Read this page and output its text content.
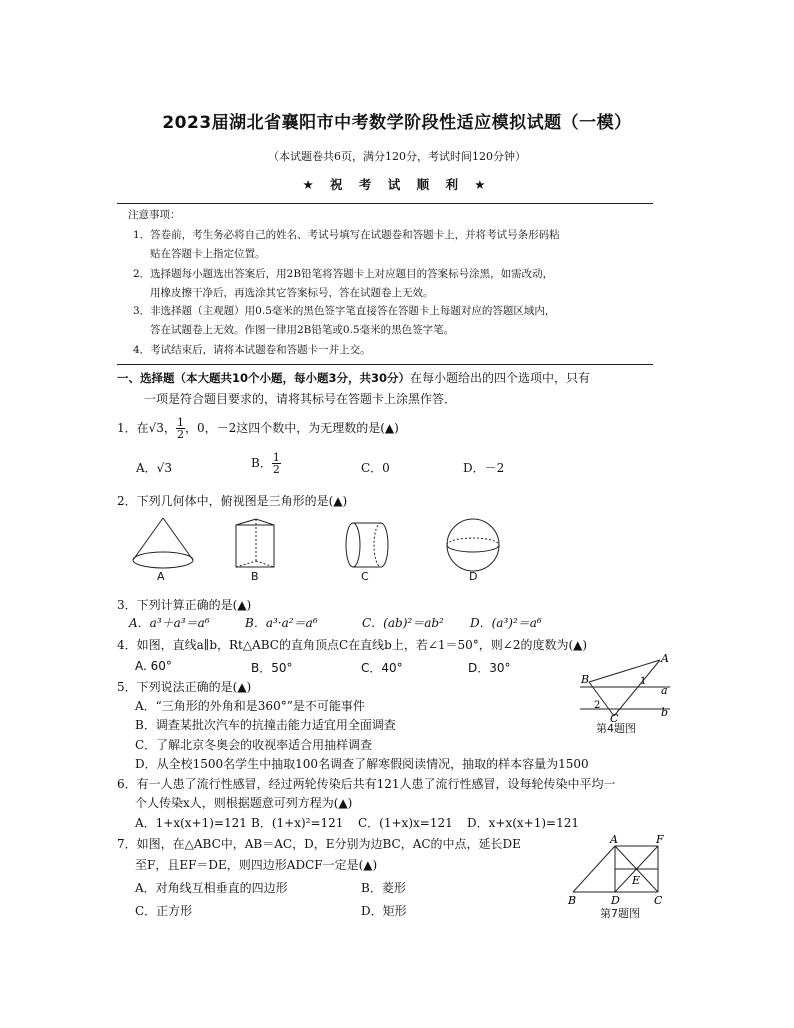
2023届湖北省襄阳市中考数学阶段性适应模拟试题（一模）
（本试题卷共6页，满分120分，考试时间120分钟）
★ 祝 考 试 顺 利 ★
注意事项：
1．答卷前，考生务必将自己的姓名、考试号填写在试题卷和答题卡上，并将考试号条形码粘
贴在答题卡上指定位置。
2．选择题每小题选出答案后，用2B铅笔将答题卡上对应题目的答案标号涂黑，如需改动，
用橡皮擦干净后，再选涂其它答案标号，答在试题卷上无效。
3．非选择题（主观题）用0.5毫米的黑色签字笔直接答在答题卡上每题对应的答题区域内，
答在试题卷上无效。作图一律用2B铅笔或0.5毫米的黑色签字笔。
4．考试结束后，请将本试题卷和答题卡一并上交。
一、选择题（本大题共10个小题，每小题3分，共30分）在每小题给出的四个选项中，只有
一项是符合题目要求的，请将其标号在答题卡上涂黑作答．
1．在√3， $\frac{1}{2}$ ，0，－2这四个数中，为无理数的是(▲)
A．√3	B． $\frac{1}{2}$	C．0	D．－2
2．下列几何体中，俯视图是三角形的是(▲)
A	B	C	D
3．下列计算正确的是(▲)
A．a³＋a³＝a⁶	B．a³·a²＝a⁶	C．(ab)²＝ab² D．(a³)²＝a⁶
4．如图，直线a∥b，Rt△ABC的直角顶点C在直线b上，若∠1＝50°，则∠2的度数为(▲)
A. 60°	B．50°	C．40°	D．30°
A
B	1
a
2
C	b
第4题图
5．下列说法正确的是(▲)
A．“三角形的外角和是360°”是不可能事件
B．调查某批次汽车的抗撞击能力适宜用全面调查
C．了解北京冬奥会的收视率适合用抽样调查
D．从全校1500名学生中抽取100名调查了解寒假阅读情况，抽取的样本容量为1500
6．有一人患了流行性感冒，经过两轮传染后共有121人患了流行性感冒，设每轮传染中平均一
个人传染x人，则根据题意可列方程为(▲)
A．1+x(x+1)=121 B．(1+x)²=121 C．(1+x)x=121 D．x+x(x+1)=121
7．如图，在△ABC中，AB＝AC，D，E分别为边BC，AC的中点，延长DE
至F，且EF＝DE，则四边形ADCF一定是(▲)
A．对角线互相垂直的四边形	B．菱形
C．正方形	D．矩形
A	F
E
B	D	C
第7题图
